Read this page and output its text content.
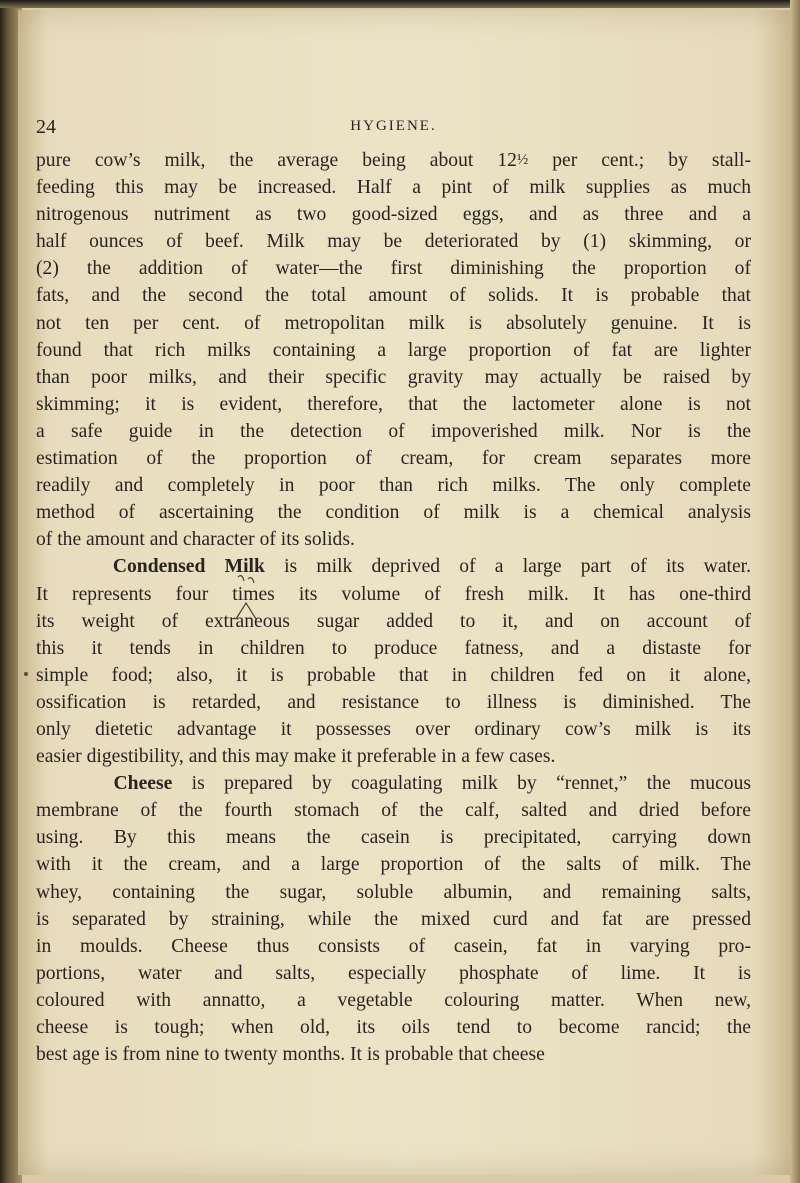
24	HYGIENE.
pure cow’s milk, the average being about 12½ per cent.; by stall-
feeding this may be increased. Half a pint of milk supplies as much
nitrogenous nutriment as two good-sized eggs, and as three and a
half ounces of beef. Milk may be deteriorated by (1) skimming, or
(2) the addition of water—the first diminishing the proportion of
fats, and the second the total amount of solids. It is probable that
not ten per cent. of metropolitan milk is absolutely genuine. It is
found that rich milks containing a large proportion of fat are lighter
than poor milks, and their specific gravity may actually be raised by
skimming; it is evident, therefore, that the lactometer alone is not
a safe guide in the detection of impoverished milk. Nor is the
estimation of the proportion of cream, for cream separates more
readily and completely in poor than rich milks. The only complete
method of ascertaining the condition of milk is a chemical analysis
of the amount and character of its solids.
Condensed Milk is milk deprived of a large part of its water.
It represents four times its volume of fresh milk. It has one-third
its weight of extraneous sugar added to it, and on account of
this it tends in children to produce fatness, and a distaste for
simple food; also, it is probable that in children fed on it alone,
ossification is retarded, and resistance to illness is diminished. The
only dietetic advantage it possesses over ordinary cow’s milk is its
easier digestibility, and this may make it preferable in a few cases.
Cheese is prepared by coagulating milk by “rennet,” the mucous
membrane of the fourth stomach of the calf, salted and dried before
using. By this means the casein is precipitated, carrying down
with it the cream, and a large proportion of the salts of milk. The
whey, containing the sugar, soluble albumin, and remaining salts,
is separated by straining, while the mixed curd and fat are pressed
in moulds. Cheese thus consists of casein, fat in varying pro-
portions, water and salts, especially phosphate of lime. It is
coloured with annatto, a vegetable colouring matter. When new,
cheese is tough; when old, its oils tend to become rancid; the
best age is from nine to twenty months. It is probable that cheese
